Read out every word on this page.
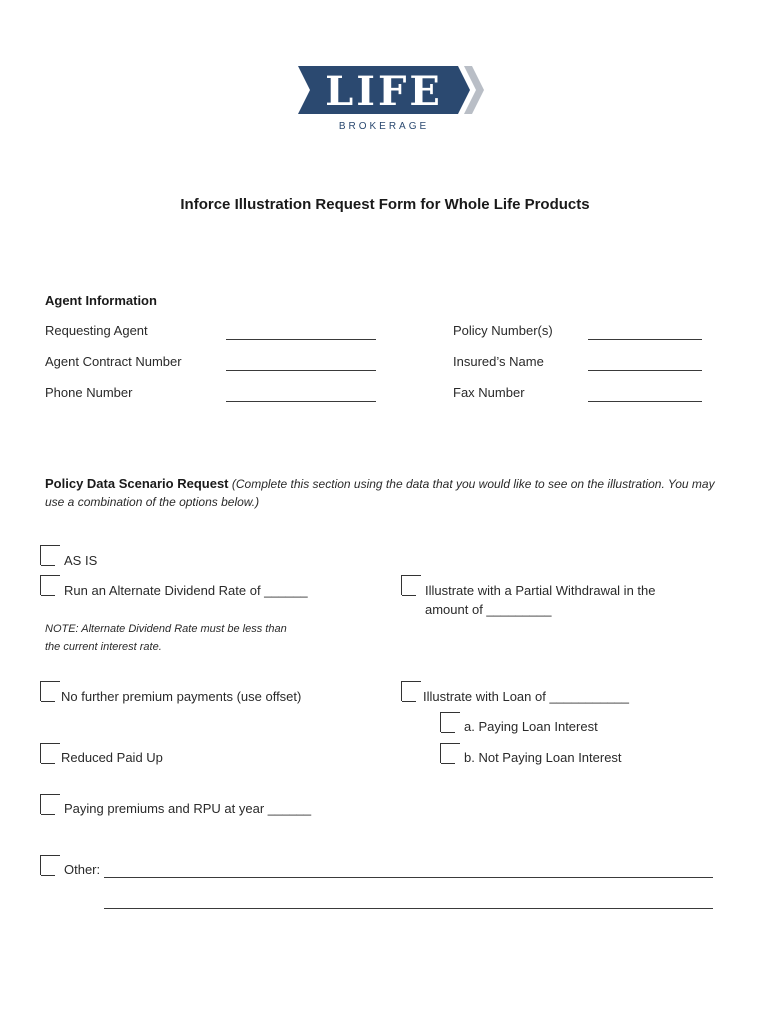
LIFE
BROKERAGE
Inforce Illustration Request Form for Whole Life Products
Agent Information
Requesting Agent	Policy Number(s)
Agent Contract Number	Insured’s Name
Phone Number	Fax Number
Policy Data Scenario Request (Complete this section using the data that you would like to see on the illustration. You may use a combination of the options below.)
AS IS
Run an Alternate Dividend Rate of ______	Illustrate with a Partial Withdrawal in the
amount of _________
NOTE: Alternate Dividend Rate must be less than
the current interest rate.
No further premium payments (use offset)	Illustrate with Loan of ___________
a. Paying Loan Interest
b. Not Paying Loan Interest
Reduced Paid Up
Paying premiums and RPU at year ______
Other:
